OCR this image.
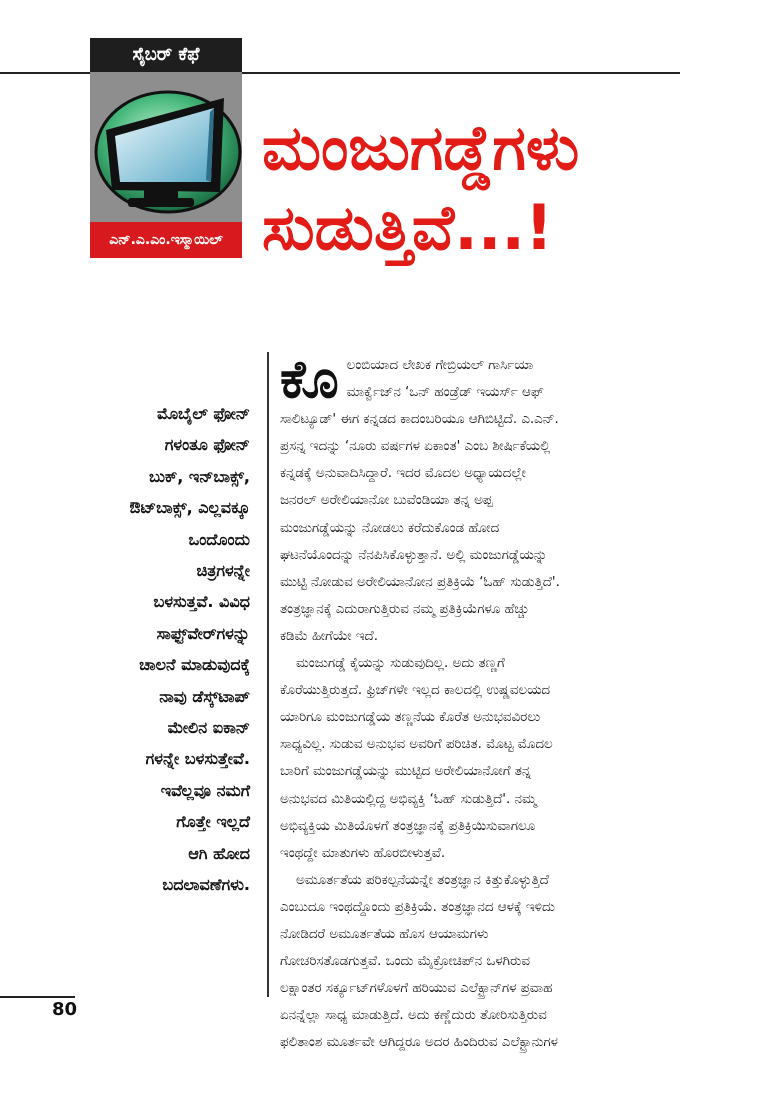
ಸೈಬರ್ ಕೆಫೆ
ಎನ್.ಎ.ಎಂ.ಇಸ್ಮಾಯಿಲ್
ಮಂಜುಗಡ್ಡೆಗಳು
ಸುಡುತ್ತಿವೆ...!
ಮೊಬೈಲ್ ಫೋನ್
ಗಳಂತೂ ಫೋನ್
ಬುಕ್, ಇನ್‌ಬಾಕ್ಸ್,
ಔಟ್‌ಬಾಕ್ಸ್, ಎಲ್ಲವಕ್ಕೂ
ಒಂದೊಂದು
ಚಿತ್ರಗಳನ್ನೇ
ಬಳಸುತ್ತವೆ. ವಿವಿಧ
ಸಾಫ್ಟ್‌ವೇರ್‌ಗಳನ್ನು
ಚಾಲನೆ ಮಾಡುವುದಕ್ಕೆ
ನಾವು ಡೆಸ್ಕ್‌ಟಾಪ್
ಮೇಲಿನ ಐಕಾನ್
ಗಳನ್ನೇ ಬಳಸುತ್ತೇವೆ.
ಇವೆಲ್ಲವೂ ನಮಗೆ
ಗೊತ್ತೇ ಇಲ್ಲದೆ
ಆಗಿ ಹೋದ
ಬದಲಾವಣೆಗಳು.

ಕೊ ಲಂಬಿಯಾದ ಲೇಖಕ ಗೇಬ್ರಿಯಲ್ ಗಾರ್ಸಿಯಾ
ಮಾರ್ಕ್ವೆಜ್‌ನ ‘ಒನ್ ಹಂಡ್ರೆಡ್ ಇಯರ್ಸ್ ಆಫ್
ಸಾಲಿಟ್ಯೂಡ್' ಈಗ ಕನ್ನಡದ ಕಾದಂಬರಿಯೂ ಆಗಿಬಿಟ್ಟಿದೆ. ಎ.ಎನ್.
ಪ್ರಸನ್ನ ಇದನ್ನು ‘ನೂರು ವರ್ಷಗಳ ಏಕಾಂತ' ಎಂಬ ಶೀರ್ಷಿಕೆಯಲ್ಲಿ
ಕನ್ನಡಕ್ಕೆ ಅನುವಾದಿಸಿದ್ದಾರೆ. ಇದರ ಮೊದಲ ಅಧ್ಯಾಯದಲ್ಲೇ
ಜನರಲ್ ಅರೇಲಿಯಾನೋ ಬುವೆಂಡಿಯಾ ತನ್ನ ಅಪ್ಪ
ಮಂಜುಗಡ್ಡೆಯನ್ನು ನೋಡಲು ಕರೆದುಕೊಂಡ ಹೋದ
ಘಟನೆಯೊಂದನ್ನು ನೆನಪಿಸಿಕೊಳ್ಳುತ್ತಾನೆ. ಅಲ್ಲಿ ಮಂಜುಗಡ್ಡೆಯನ್ನು
ಮುಟ್ಟಿ ನೋಡುವ ಅರೇಲಿಯಾನೋನ ಪ್ರತಿಕ್ರಿಯೆ ‘ಓಹ್ ಸುಡುತ್ತಿದೆ'.
ತಂತ್ರಜ್ಞಾನಕ್ಕೆ ಎದುರಾಗುತ್ತಿರುವ ನಮ್ಮ ಪ್ರತಿಕ್ರಿಯೆಗಳೂ ಹೆಚ್ಚು
ಕಡಿಮೆ ಹೀಗೆಯೇ ಇದೆ.

ಮಂಜುಗಡ್ಡೆ ಕೈಯನ್ನು ಸುಡುವುದಿಲ್ಲ. ಅದು ತಣ್ಣಗೆ
ಕೊರೆಯುತ್ತಿರುತ್ತದೆ. ಫ್ರಿಜ್‌ಗಳೇ ಇಲ್ಲದ ಕಾಲದಲ್ಲಿ ಉಷ್ಣವಲಯದ
ಯಾರಿಗೂ ಮಂಜುಗಡ್ಡೆಯ ತಣ್ಣನೆಯ ಕೊರೆತ ಅನುಭವವಿರಲು
ಸಾಧ್ಯವಿಲ್ಲ. ಸುಡುವ ಅನುಭವ ಅವರಿಗೆ ಪರಿಚಿತ. ಮೊಟ್ಟ ಮೊದಲ
ಬಾರಿಗೆ ಮಂಜುಗಡ್ಡೆಯನ್ನು ಮುಟ್ಟಿದ ಅರೇಲಿಯಾನೋಗೆ ತನ್ನ
ಅನುಭವದ ಮಿತಿಯಲ್ಲಿದ್ದ ಅಭಿವ್ಯಕ್ತಿ ‘ಓಹ್ ಸುಡುತ್ತಿದೆ'. ನಮ್ಮ
ಅಭಿವ್ಯಕ್ತಿಯ ಮಿತಿಯೊಳಗೆ ತಂತ್ರಜ್ಞಾನಕ್ಕೆ ಪ್ರತಿಕ್ರಿಯಿಸುವಾಗಲೂ
ಇಂಥದ್ದೇ ಮಾತುಗಳು ಹೊರಬೀಳುತ್ತವೆ.

ಅಮೂರ್ತತೆಯ ಪರಿಕಲ್ಪನೆಯನ್ನೇ ತಂತ್ರಜ್ಞಾನ ಕಿತ್ತುಕೊಳ್ಳುತ್ತಿದೆ
ಎಂಬುದೂ ಇಂಥದ್ದೊಂದು ಪ್ರತಿಕ್ರಿಯೆ. ತಂತ್ರಜ್ಞಾನದ ಆಳಕ್ಕೆ ಇಳಿದು
ನೋಡಿದರೆ ಅಮೂರ್ತತೆಯ ಹೊಸ ಆಯಾಮಗಳು
ಗೋಚರಿಸತೊಡಗುತ್ತವೆ. ಒಂದು ಮೈಕ್ರೋಚಿಪ್‌ನ ಒಳಗಿರುವ
ಲಕ್ಷಾಂತರ ಸರ್ಕ್ಯೂಟ್‌ಗಳೊಳಗೆ ಹರಿಯುವ ಎಲೆಕ್ಟ್ರಾನ್‌ಗಳ ಪ್ರವಾಹ
ಏನನ್ನೆಲ್ಲಾ ಸಾಧ್ಯ ಮಾಡುತ್ತಿದೆ. ಅದು ಕಣ್ಣೆದುರು ತೋರಿಸುತ್ತಿರುವ
ಫಲಿತಾಂಶ ಮೂರ್ತವೇ ಆಗಿದ್ದರೂ ಅದರ ಹಿಂದಿರುವ ಎಲೆಕ್ಟ್ರಾನುಗಳ

80
